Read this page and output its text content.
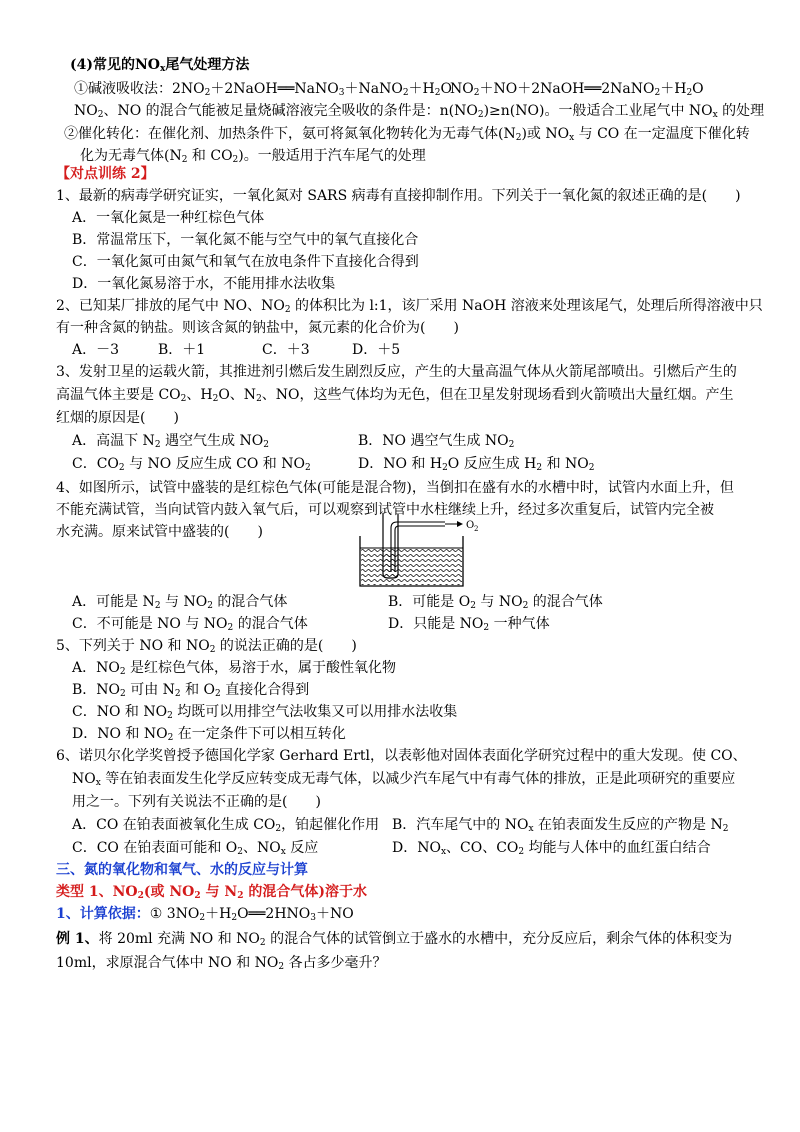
(4)常见的$NO_x$尾气处理方法
①碱液吸收法：$2NO_2+2NaOH══NaNO_3+NaNO_2+H_2O$
$NO_2+NO+2NaOH══2NaNO_2+H_2O$
$NO_2$、NO 的混合气能被足量烧碱溶液完全吸收的条件是：$n(NO_2)\ge n(NO)$。一般适合工业尾气中 $NO_x$ 的处理
②催化转化：在催化剂、加热条件下，氨可将氮氧化物转化为无毒气体$(N_2)$或 $NO_x$ 与 CO 在一定温度下催化转
化为无毒气体($N_2$ 和 $CO_2$)。一般适用于汽车尾气的处理
【对点训练 2】
1、最新的病毒学研究证实，一氧化氮对 SARS 病毒有直接抑制作用。下列关于一氧化氮的叙述正确的是(　　)
A．一氧化氮是一种红棕色气体
B．常温常压下，一氧化氮不能与空气中的氧气直接化合
C．一氧化氮可由氮气和氧气在放电条件下直接化合得到
D．一氧化氮易溶于水，不能用排水法收集
2、已知某厂排放的尾气中 NO、$NO_2$ 的体积比为 l:1，该厂采用 NaOH 溶液来处理该尾气，处理后所得溶液中只
有一种含氮的钠盐。则该含氮的钠盐中，氮元素的化合价为(　　)
A．－3	B．＋1	C．＋3	D．＋5
3、发射卫星的运载火箭，其推进剂引燃后发生剧烈反应，产生的大量高温气体从火箭尾部喷出。引燃后产生的
高温气体主要是 $CO_2$、$H_2O$、$N_2$、NO，这些气体均为无色，但在卫星发射现场看到火箭喷出大量红烟。产生
红烟的原因是(　　)
A．高温下 $N_2$ 遇空气生成 $NO_2$	B．NO 遇空气生成 $NO_2$
C．$CO_2$ 与 NO 反应生成 CO 和 $NO_2$	D．NO 和 $H_2O$ 反应生成 $H_2$ 和 $NO_2$
4、如图所示，试管中盛装的是红棕色气体(可能是混合物)，当倒扣在盛有水的水槽中时，试管内水面上升，但
不能充满试管，当向试管内鼓入氧气后，可以观察到试管中水柱继续上升，经过多次重复后，试管内完全被
水充满。原来试管中盛装的(　　)	O 2
A．可能是 $N_2$ 与 $NO_2$ 的混合气体	B．可能是 $O_2$ 与 $NO_2$ 的混合气体
C．不可能是 NO 与 $NO_2$ 的混合气体	D．只能是 $NO_2$ 一种气体
5、下列关于 NO 和 $NO_2$ 的说法正确的是(　　)
A．$NO_2$ 是红棕色气体，易溶于水，属于酸性氧化物
B．$NO_2$ 可由 $N_2$ 和 $O_2$ 直接化合得到
C．NO 和 $NO_2$ 均既可以用排空气法收集又可以用排水法收集
D．NO 和 $NO_2$ 在一定条件下可以相互转化
6、诺贝尔化学奖曾授予德国化学家 Gerhard Ertl，以表彰他对固体表面化学研究过程中的重大发现。使 CO、
$NO_x$ 等在铂表面发生化学反应转变成无毒气体，以减少汽车尾气中有毒气体的排放，正是此项研究的重要应
用之一。下列有关说法不正确的是(　　)
A．CO 在铂表面被氧化生成 $CO_2$，铂起催化作用 B．汽车尾气中的 $NO_x$ 在铂表面发生反应的产物是 $N_2$
C．CO 在铂表面可能和 $O_2$、$NO_x$ 反应	D．$NO_x$、CO、$CO_2$ 均能与人体中的血红蛋白结合
三、氮的氧化物和氧气、水的反应与计算
类型 1、$NO_2$(或 $NO_2$ 与 $N_2$ 的混合气体)溶于水
1、计算依据：① $3NO_2+H_2O══2HNO_3+NO$
例 1、将 20ml 充满 NO 和 $NO_2$ 的混合气体的试管倒立于盛水的水槽中，充分反应后，剩余气体的体积变为
10ml，求原混合气体中 NO 和 $NO_2$ 各占多少毫升？
